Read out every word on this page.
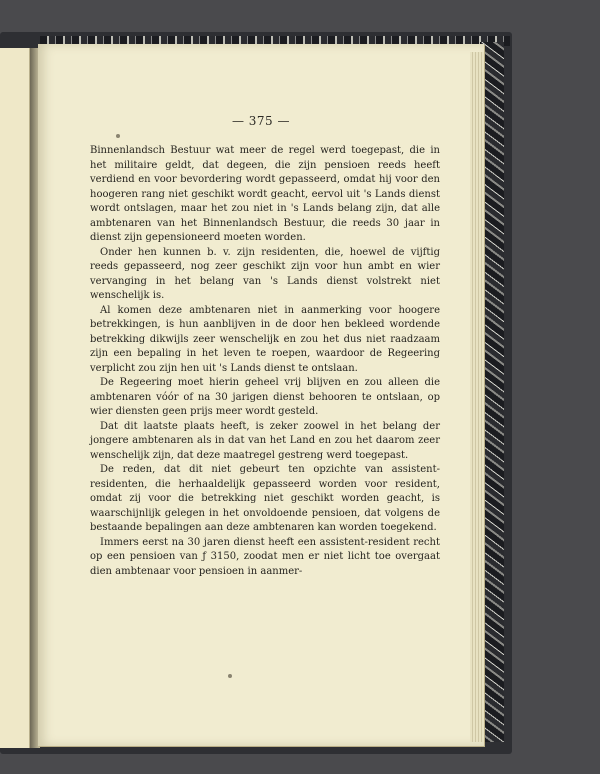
— 375 —

Binnenlandsch Bestuur wat meer de regel werd toegepast, die in het militaire geldt, dat degeen, die zijn pensioen reeds heeft verdiend en voor bevordering wordt gepasseerd, omdat hij voor den hoogeren rang niet geschikt wordt geacht, eervol uit 's Lands dienst wordt ontslagen, maar het zou niet in 's Lands belang zijn, dat alle ambtenaren van het Binnenlandsch Bestuur, die reeds 30 jaar in dienst zijn gepensioneerd moeten worden.

Onder hen kunnen b. v. zijn residenten, die, hoewel de vijftig reeds gepasseerd, nog zeer geschikt zijn voor hun ambt en wier vervanging in het belang van 's Lands dienst volstrekt niet wenschelijk is.

Al komen deze ambtenaren niet in aanmerking voor hoogere betrekkingen, is hun aanblijven in de door hen bekleed wordende betrekking dikwijls zeer wenschelijk en zou het dus niet raadzaam zijn een bepaling in het leven te roepen, waardoor de Regeering verplicht zou zijn hen uit 's Lands dienst te ontslaan.

De Regeering moet hierin geheel vrij blijven en zou alleen die ambtenaren vóór of na 30 jarigen dienst behooren te ontslaan, op wier diensten geen prijs meer wordt gesteld.

Dat dit laatste plaats heeft, is zeker zoowel in het belang der jongere ambtenaren als in dat van het Land en zou het daarom zeer wenschelijk zijn, dat deze maatregel gestreng werd toegepast.

De reden, dat dit niet gebeurt ten opzichte van assistent-residenten, die herhaaldelijk gepasseerd worden voor resident, omdat zij voor die betrekking niet geschikt worden geacht, is waarschijnlijk gelegen in het onvoldoende pensioen, dat volgens de bestaande bepalingen aan deze ambtenaren kan worden toegekend.

Immers eerst na 30 jaren dienst heeft een assistent-resident recht op een pensioen van ƒ 3150, zoodat men er niet licht toe overgaat dien ambtenaar voor pensioen in aanmer-
